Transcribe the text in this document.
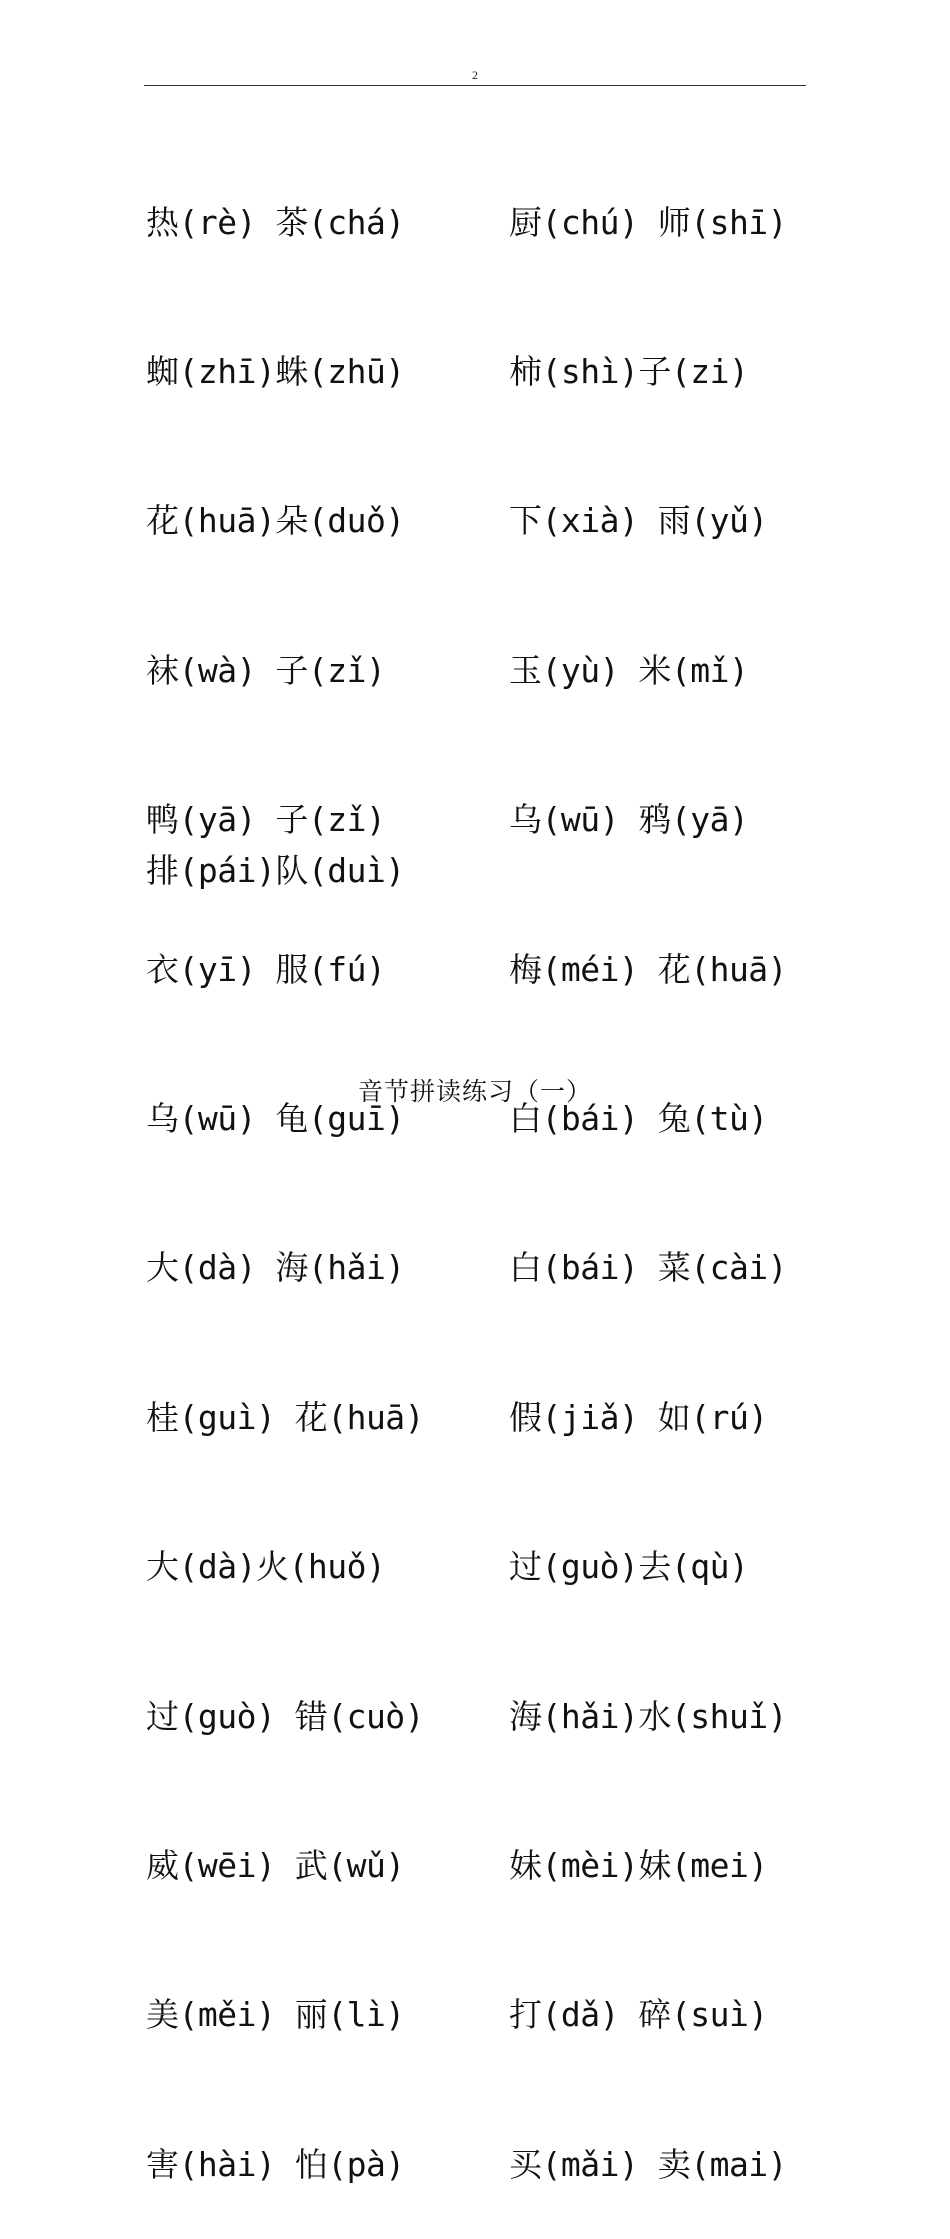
2

热(rè) 茶(chá)

蜘(zhī)蛛(zhū)

花(huā)朵(duǒ)

袜(wà) 子(zǐ)

鸭(yā) 子(zǐ)

衣(yī) 服(fú)

乌(wū) 龟(guī)

大(dà) 海(hǎi)

桂(guì) 花(huā)

大(dà)火(huǒ)

过(guò) 错(cuò)

威(wēi) 武(wǔ)

美(měi) 丽(lì)

害(hài) 怕(pà)

厨(chú) 师(shī)

柿(shì)子(zi)

下(xià) 雨(yǔ)

玉(yù) 米(mǐ)

乌(wū) 鸦(yā)

梅(méi) 花(huā)

白(bái) 兔(tù)

白(bái) 菜(cài)

假(jiǎ) 如(rú)

过(guò)去(qù)

海(hǎi)水(shuǐ)

妹(mèi)妹(mei)

打(dǎ) 碎(suì)

买(mǎi) 卖(mai)

排(pái)队(duì)
音节拼读练习（一）
